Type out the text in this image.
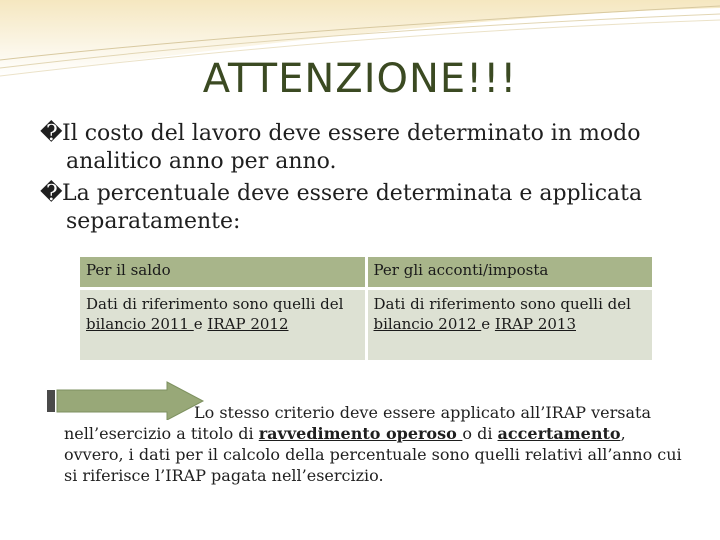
ATTENZIONE!!!
�Il costo del lavoro deve essere determinato in modo analitico anno per anno.
�La percentuale deve essere determinata e applicata separatamente:
Per il saldo	Per gli acconti/imposta
Dati di riferimento sono quelli del bilancio 2011 e IRAP 2012	Dati di riferimento sono quelli del bilancio 2012 e IRAP 2013
Lo stesso criterio deve essere applicato all’IRAP versata nell’esercizio a titolo di ravvedimento operoso o di accertamento, ovvero, i dati per il calcolo della percentuale sono quelli relativi all’anno cui si riferisce l’IRAP pagata nell’esercizio.
